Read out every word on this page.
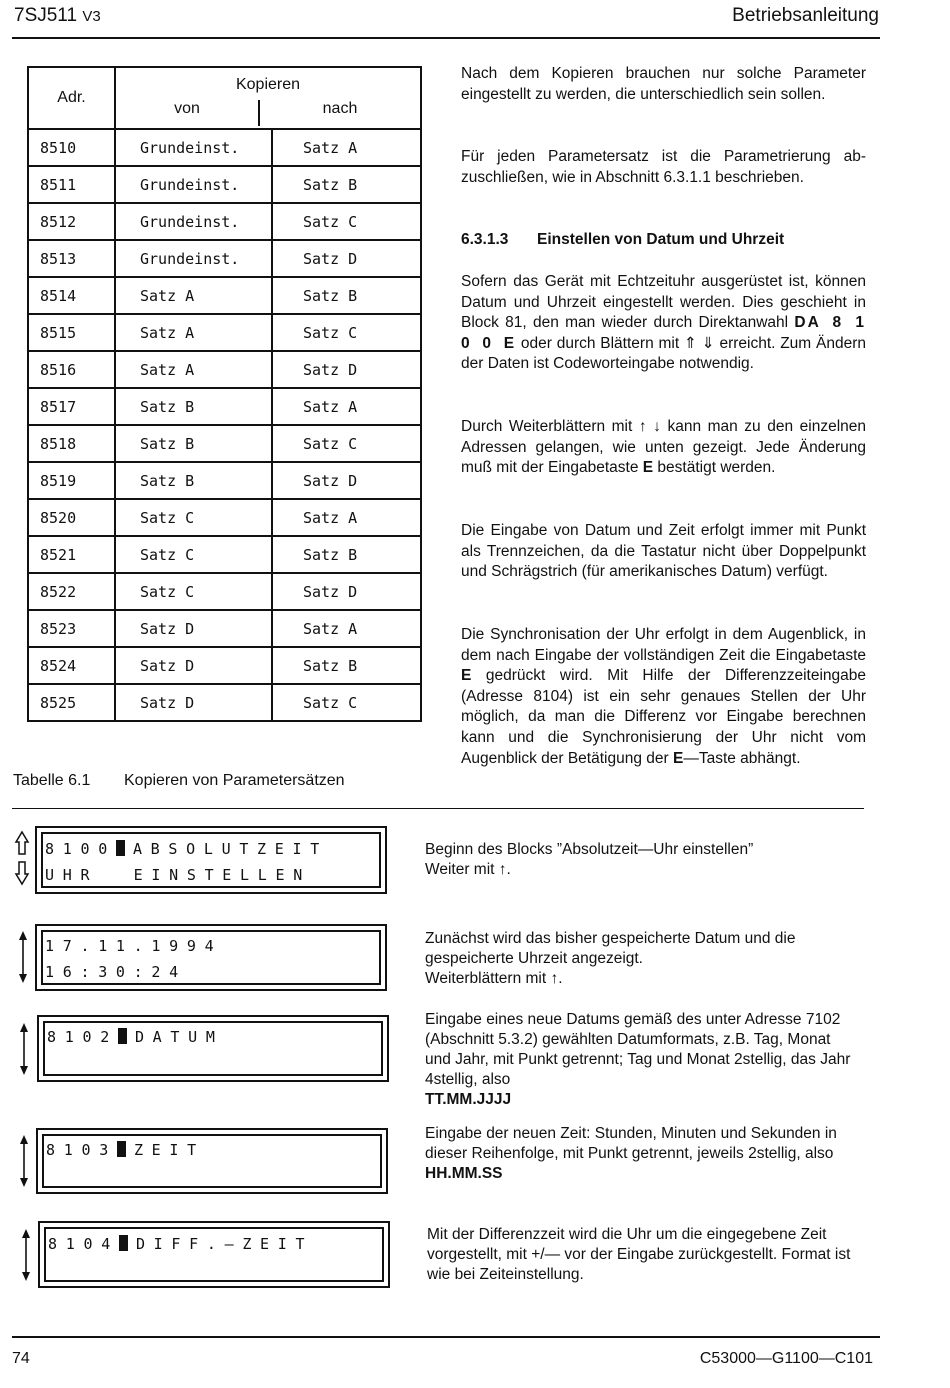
7SJ511 V3	Betriebsanleitung
Adr.	Kopieren
von nach	

8510	Grundeinst.	Satz A
8511	Grundeinst.	Satz B
8512	Grundeinst.	Satz C
8513	Grundeinst.	Satz D
8514	Satz A	Satz B
8515	Satz A	Satz C
8516	Satz A	Satz D
8517	Satz B	Satz A
8518	Satz B	Satz C
8519	Satz B	Satz D
8520	Satz C	Satz A
8521	Satz C	Satz B
8522	Satz C	Satz D
8523	Satz D	Satz A
8524	Satz D	Satz B
8525	Satz D	Satz C
Tabelle 6.1 Kopieren von Parametersätzen
Nach dem Kopieren brauchen nur solche Parameter eingestellt zu werden, die unterschiedlich sein sollen.
Für jeden Parametersatz ist die Parametrierung abzuschließen, wie in Abschnitt 6.3.1.1 beschrieben.
6.3.1.3 Einstellen von Datum und Uhrzeit
Sofern das Gerät mit Echtzeituhr ausgerüstet ist, können Datum und Uhrzeit eingestellt werden. Dies geschieht in Block 81, den man wieder durch Direktanwahl DA 8 1 0 0 E oder durch Blättern mit ⇑ ⇓ erreicht. Zum Ändern der Daten ist Codeworteingabe notwendig.
Durch Weiterblättern mit ↑ ↓ kann man zu den einzelnen Adressen gelangen, wie unten gezeigt. Jede Änderung muß mit der Eingabetaste E bestätigt werden.
Die Eingabe von Datum und Zeit erfolgt immer mit Punkt als Trennzeichen, da die Tastatur nicht über Doppelpunkt und Schrägstrich (für amerikanisches Datum) verfügt.
Die Synchronisation der Uhr erfolgt in dem Augenblick, in dem nach Eingabe der vollständigen Zeit die Eingabetaste E gedrückt wird. Mit Hilfe der Differenzzeiteingabe (Adresse 8104) ist ein sehr genaues Stellen der Uhr möglich, da man die Differenz vor Eingabe berechnen kann und die Synchronisierung der Uhr nicht vom Augenblick der Betätigung der E—Taste abhängt.
8100 ABSOLUTZEIT
UHR  EINSTELLEN
Beginn des Blocks ”Absolutzeit—Uhr einstellen”
Weiter mit ↑.
17.11.1994
16:30:24
Zunächst wird das bisher gespeicherte Datum und die gespeicherte Uhrzeit angezeigt.
Weiterblättern mit ↑.
8102 DATUM
Eingabe eines neue Datums gemäß des unter Adresse 7102 (Abschnitt 5.3.2) gewählten Datumformats, z.B. Tag, Monat und Jahr, mit Punkt getrennt; Tag und Monat 2stellig, das Jahr 4stellig, also
TT.MM.JJJJ
8103 ZEIT
Eingabe der neuen Zeit: Stunden, Minuten und Sekunden in dieser Reihenfolge, mit Punkt getrennt, jeweils 2stellig, also
HH.MM.SS
8104 DIFF.–ZEIT
Mit der Differenzzeit wird die Uhr um die eingegebene Zeit vorgestellt, mit +/— vor der Eingabe zurückgestellt. Format ist wie bei Zeiteinstellung.
74	C53000—G1100—C101
